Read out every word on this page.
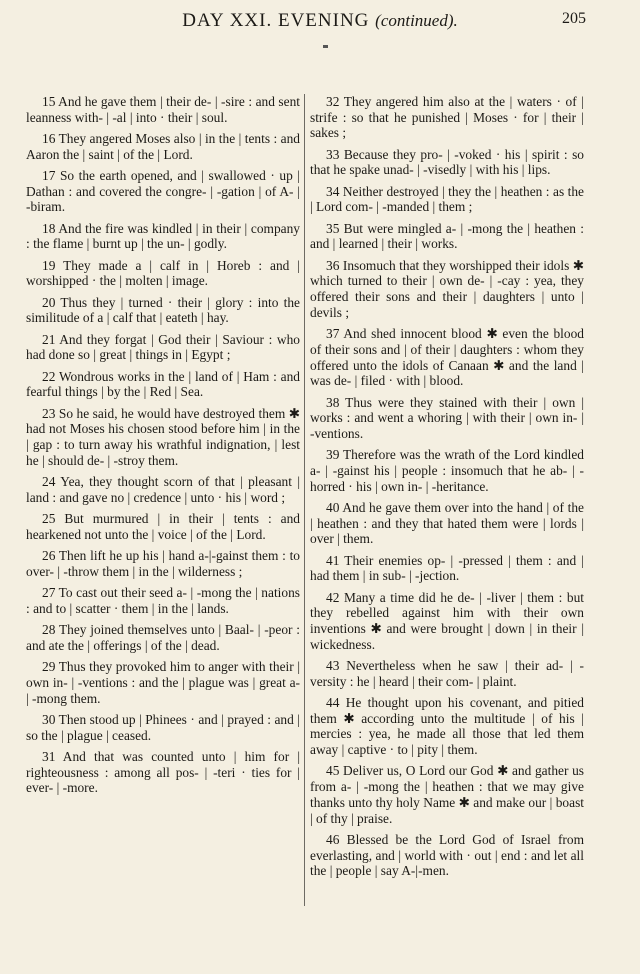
DAY XXI. EVENING (continued).	205

15 And he gave them | their de- | -sire : and sent leanness with- | -al | into · their | soul.

16 They angered Moses also | in the | tents : and Aaron the | saint | of the | Lord.

17 So the earth opened, and | swallowed · up | Dathan : and covered the congre- | -gation | of A- | -biram.

18 And the fire was kindled | in their | company : the flame | burnt up | the un- | godly.

19 They made a | calf in | Horeb : and | worshipped · the | molten | image.

20 Thus they | turned · their | glory : into the similitude of a | calf that | eateth | hay.

21 And they forgat | God their | Saviour : who had done so | great | things in | Egypt ;

22 Wondrous works in the | land of | Ham : and fearful things | by the | Red | Sea.

23 So he said, he would have destroyed them ✱ had not Moses his chosen stood before him | in the | gap : to turn away his wrathful indignation, | lest he | should de- | -stroy them.

24 Yea, they thought scorn of that | pleasant | land : and gave no | credence | unto · his | word ;

25 But murmured | in their | tents : and hearkened not unto the | voice | of the | Lord.

26 Then lift he up his | hand a-|-gainst them : to over- | -throw them | in the | wilderness ;

27 To cast out their seed a- | -mong the | nations : and to | scatter · them | in the | lands.

28 They joined themselves unto | Baal- | -peor : and ate the | offerings | of the | dead.

29 Thus they provoked him to anger with their | own in- | -ventions : and the | plague was | great a- | -mong them.

30 Then stood up | Phinees · and | prayed : and | so the | plague | ceased.

31 And that was counted unto | him for | righteousness : among all pos- | -teri · ties for | ever- | -more.

32 They angered him also at the | waters · of | strife : so that he punished | Moses · for | their | sakes ;

33 Because they pro- | -voked · his | spirit : so that he spake unad- | -visedly | with his | lips.

34 Neither destroyed | they the | heathen : as the | Lord com- | -manded | them ;

35 But were mingled a- | -mong the | heathen : and | learned | their | works.

36 Insomuch that they worshipped their idols ✱ which turned to their | own de- | -cay : yea, they offered their sons and their | daughters | unto | devils ;

37 And shed innocent blood ✱ even the blood of their sons and | of their | daughters : whom they offered unto the idols of Canaan ✱ and the land | was de- | filed · with | blood.

38 Thus were they stained with their | own | works : and went a whoring | with their | own in- | -ventions.

39 Therefore was the wrath of the Lord kindled a- | -gainst his | people : insomuch that he ab- | -horred · his | own in- | -heritance.

40 And he gave them over into the hand | of the | heathen : and they that hated them were | lords | over | them.

41 Their enemies op- | -pressed | them : and | had them | in sub- | -jection.

42 Many a time did he de- | -liver | them : but they rebelled against him with their own inventions ✱ and were brought | down | in their | wickedness.

43 Nevertheless when he saw | their ad- | -versity : he | heard | their com- | plaint.

44 He thought upon his covenant, and pitied them ✱ according unto the multitude | of his | mercies : yea, he made all those that led them away | captive · to | pity | them.

45 Deliver us, O Lord our God ✱ and gather us from a- | -mong the | heathen : that we may give thanks unto thy holy Name ✱ and make our | boast | of thy | praise.

46 Blessed be the Lord God of Israel from everlasting, and | world with · out | end : and let all the | people | say A-|-men.
